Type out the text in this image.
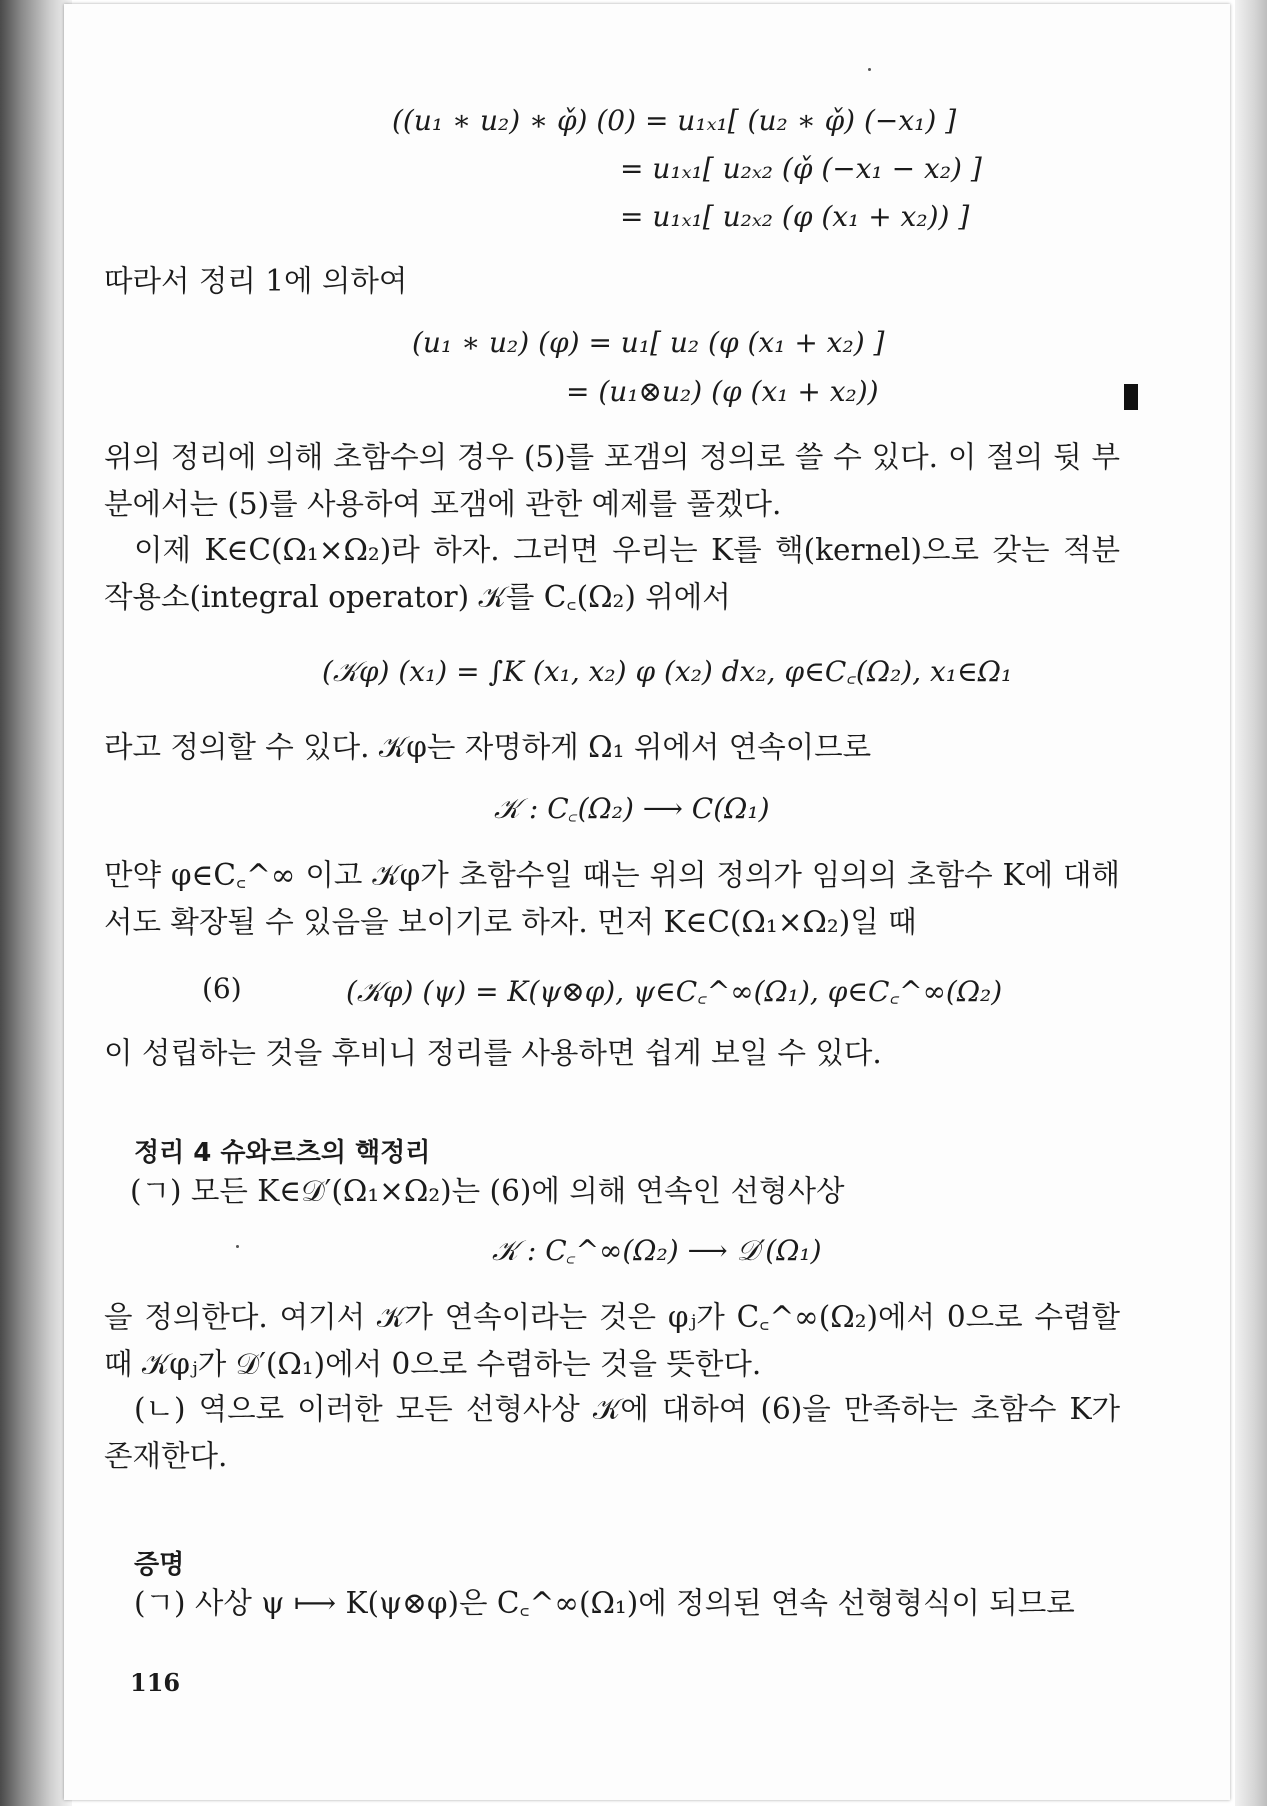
((u₁ ∗ u₂) ∗ φ̌) (0) = u₁ₓ₁[ (u₂ ∗ φ̌) (−x₁) ]
= u₁ₓ₁[ u₂ₓ₂ (φ̌ (−x₁ − x₂) ]
= u₁ₓ₁[ u₂ₓ₂ (φ (x₁ + x₂)) ]
따라서 정리 1에 의하여
(u₁ ∗ u₂) (φ) = u₁[ u₂ (φ (x₁ + x₂) ]
= (u₁⊗u₂) (φ (x₁ + x₂))
위의 정리에 의해 초함수의 경우 (5)를 포갬의 정의로 쓸 수 있다. 이 절의 뒷 부분에서는 (5)를 사용하여 포갬에 관한 예제를 풀겠다.
이제 K∈C(Ω₁×Ω₂)라 하자. 그러면 우리는 K를 핵(kernel)으로 갖는 적분 작용소(integral operator) 𝒦를 C꜀(Ω₂) 위에서
(𝒦φ) (x₁) = ∫K (x₁, x₂) φ (x₂) dx₂, φ∈C꜀(Ω₂), x₁∈Ω₁
라고 정의할 수 있다. 𝒦φ는 자명하게 Ω₁ 위에서 연속이므로
𝒦 : C꜀(Ω₂) ⟶ C(Ω₁)
만약 φ∈C꜀^∞ 이고 𝒦φ가 초함수일 때는 위의 정의가 임의의 초함수 K에 대해서도 확장될 수 있음을 보이기로 하자. 먼저 K∈C(Ω₁×Ω₂)일 때
(6)	(𝒦φ) (ψ) = K(ψ⊗φ), ψ∈C꜀^∞(Ω₁), φ∈C꜀^∞(Ω₂)
이 성립하는 것을 후비니 정리를 사용하면 쉽게 보일 수 있다.
정리 4 슈와르츠의 핵정리
(ㄱ) 모든 K∈𝒟′(Ω₁×Ω₂)는 (6)에 의해 연속인 선형사상
𝒦 : C꜀^∞(Ω₂) ⟶ 𝒟′(Ω₁)
을 정의한다. 여기서 𝒦가 연속이라는 것은 φⱼ가 C꜀^∞(Ω₂)에서 0으로 수렴할 때 𝒦φⱼ가 𝒟′(Ω₁)에서 0으로 수렴하는 것을 뜻한다.
(ㄴ) 역으로 이러한 모든 선형사상 𝒦에 대하여 (6)을 만족하는 초함수 K가 존재한다.
증명
(ㄱ) 사상 ψ ⟼ K(ψ⊗φ)은 C꜀^∞(Ω₁)에 정의된 연속 선형형식이 되므로
116
